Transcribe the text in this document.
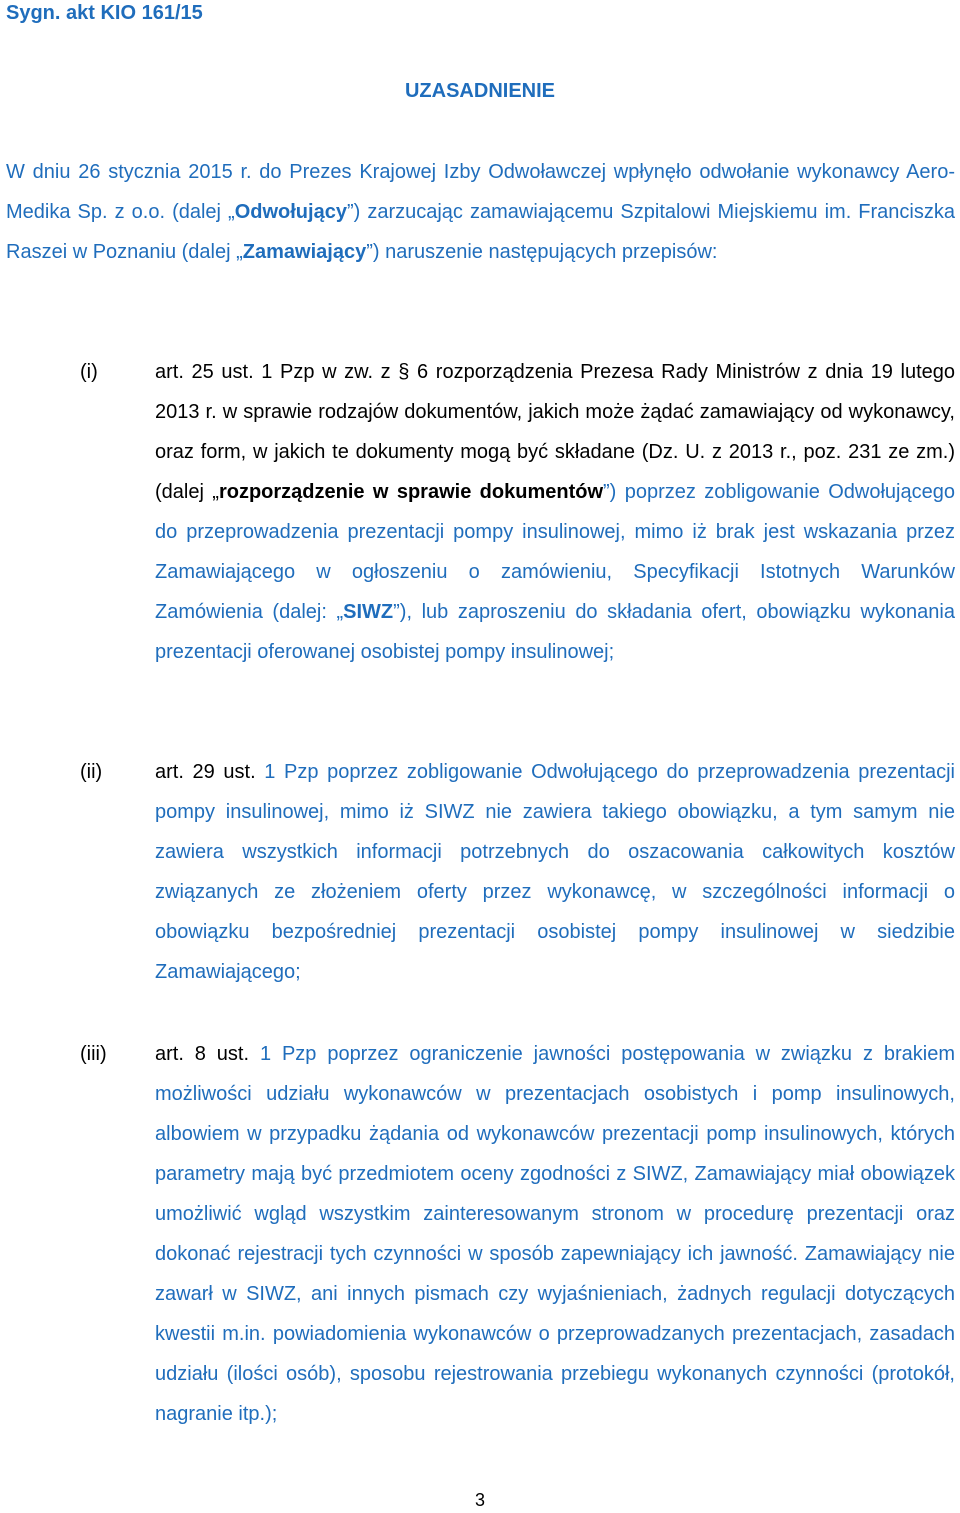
Sygn. akt KIO 161/15
UZASADNIENIE
W dniu 26 stycznia 2015 r. do Prezes Krajowej Izby Odwoławczej wpłynęło odwołanie wykonawcy Aero-Medika Sp. z o.o. (dalej „Odwołujący”) zarzucając zamawiającemu Szpitalowi Miejskiemu im. Franciszka Raszei w Poznaniu (dalej „Zamawiający”) naruszenie następujących przepisów:
(i)	art. 25 ust. 1 Pzp w zw. z § 6 rozporządzenia Prezesa Rady Ministrów z dnia 19 lutego 2013 r. w sprawie rodzajów dokumentów, jakich może żądać zamawiający od wykonawcy, oraz form, w jakich te dokumenty mogą być składane (Dz. U. z 2013 r., poz. 231 ze zm.) (dalej „rozporządzenie w sprawie dokumentów”) poprzez zobligowanie Odwołującego do przeprowadzenia prezentacji pompy insulinowej, mimo iż brak jest wskazania przez Zamawiającego w ogłoszeniu o zamówieniu, Specyfikacji Istotnych Warunków Zamówienia (dalej: „SIWZ”), lub zaproszeniu do składania ofert, obowiązku wykonania prezentacji oferowanej osobistej pompy insulinowej;
(ii)	art. 29 ust. 1 Pzp poprzez zobligowanie Odwołującego do przeprowadzenia prezentacji pompy insulinowej, mimo iż SIWZ nie zawiera takiego obowiązku, a tym samym nie zawiera wszystkich informacji potrzebnych do oszacowania całkowitych kosztów związanych ze złożeniem oferty przez wykonawcę, w szczególności informacji o obowiązku bezpośredniej prezentacji osobistej pompy insulinowej w siedzibie Zamawiającego;
(iii) art. 8 ust. 1 Pzp poprzez ograniczenie jawności postępowania w związku z brakiem możliwości udziału wykonawców w prezentacjach osobistych i pomp insulinowych, albowiem w przypadku żądania od wykonawców prezentacji pomp insulinowych, których parametry mają być przedmiotem oceny zgodności z SIWZ, Zamawiający miał obowiązek umożliwić wgląd wszystkim zainteresowanym stronom w procedurę prezentacji oraz dokonać rejestracji tych czynności w sposób zapewniający ich jawność. Zamawiający nie zawarł w SIWZ, ani innych pismach czy wyjaśnieniach, żadnych regulacji dotyczących kwestii m.in. powiadomienia wykonawców o przeprowadzanych prezentacjach, zasadach udziału (ilości osób), sposobu rejestrowania przebiegu wykonanych czynności (protokół, nagranie itp.);
3
